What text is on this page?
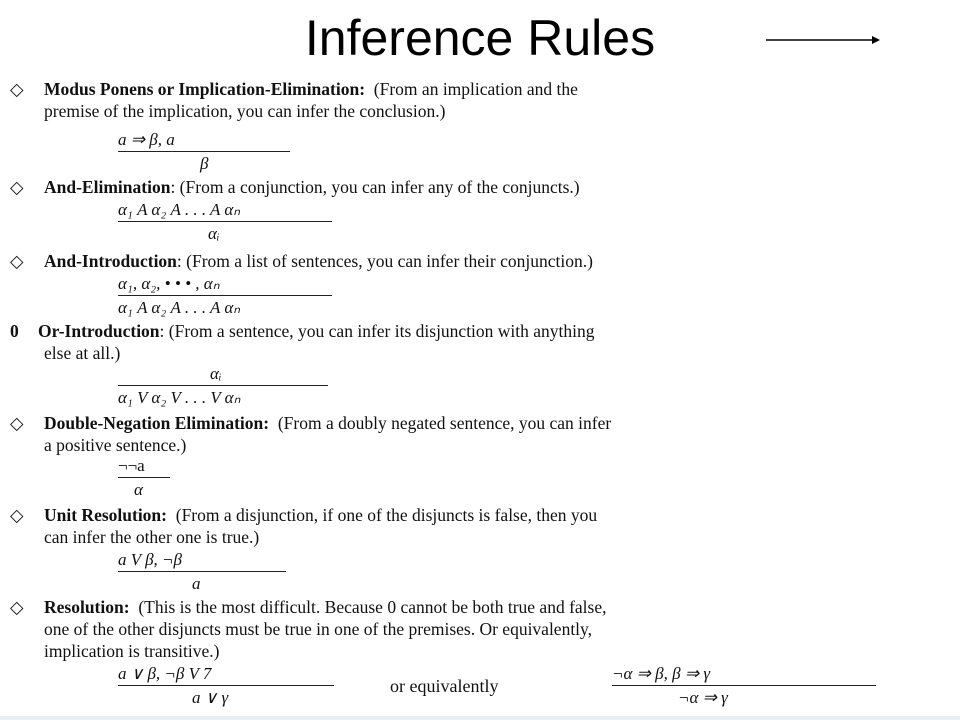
Inference Rules
◇ Modus Ponens or Implication-Elimination: (From an implication and the
premise of the implication, you can infer the conclusion.)
a ⇒ β, a
β
◇ And-Elimination: (From a conjunction, you can infer any of the conjuncts.)
α₁ A α₂ A . . . A αₙ
αᵢ
◇ And-Introduction: (From a list of sentences, you can infer their conjunction.)
α₁, α₂, • • • , αₙ
α₁ A α₂ A . . . A αₙ
0 Or-Introduction: (From a sentence, you can infer its disjunction with anything
else at all.)
αᵢ
α₁ V α₂ V . . . V αₙ
◇ Double-Negation Elimination: (From a doubly negated sentence, you can infer
a positive sentence.)
¬¬a
α
◇ Unit Resolution: (From a disjunction, if one of the disjuncts is false, then you
can infer the other one is true.)
a V β, ¬β
a
◇ Resolution: (This is the most difficult. Because 0 cannot be both true and false,
one of the other disjuncts must be true in one of the premises. Or equivalently,
implication is transitive.)
a ∨ β, ¬β V 7
a ∨ γ
or equivalently
¬α ⇒ β, β ⇒ γ
¬α ⇒ γ
